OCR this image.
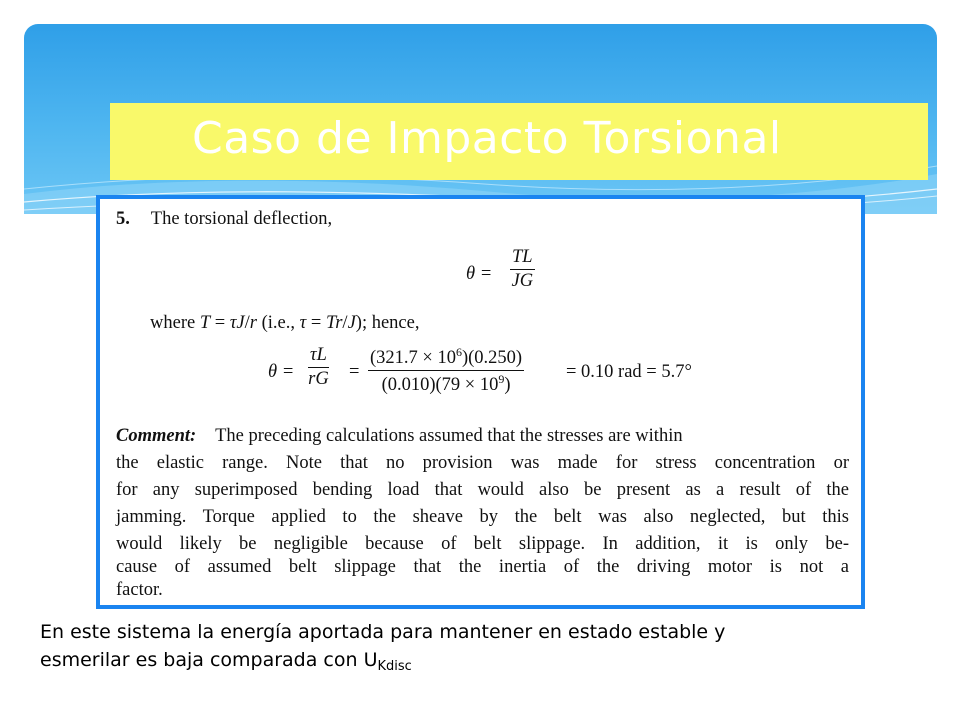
Caso de Impacto Torsional
5. The torsional deflection,
$\theta = \frac{TL}{JG}$
where T = τJ/r (i.e., τ = Tr/J); hence,
$\theta = \frac{\tau L}{rG} = \frac{(321.7 \times 10^6)(0.250)}{(0.010)(79 \times 10^9)} = 0.10$ rad = 5.7°
Comment: The preceding calculations assumed that the stresses are within
the elastic range. Note that no provision was made for stress concentration or
for any superimposed bending load that would also be present as a result of the
jamming. Torque applied to the sheave by the belt was also neglected, but this
would likely be negligible because of belt slippage. In addition, it is only be-
cause of assumed belt slippage that the inertia of the driving motor is not a
factor.
En este sistema la energía aportada para mantener en estado estable y
esmerilar es baja comparada con $U_{Kdisc}$
